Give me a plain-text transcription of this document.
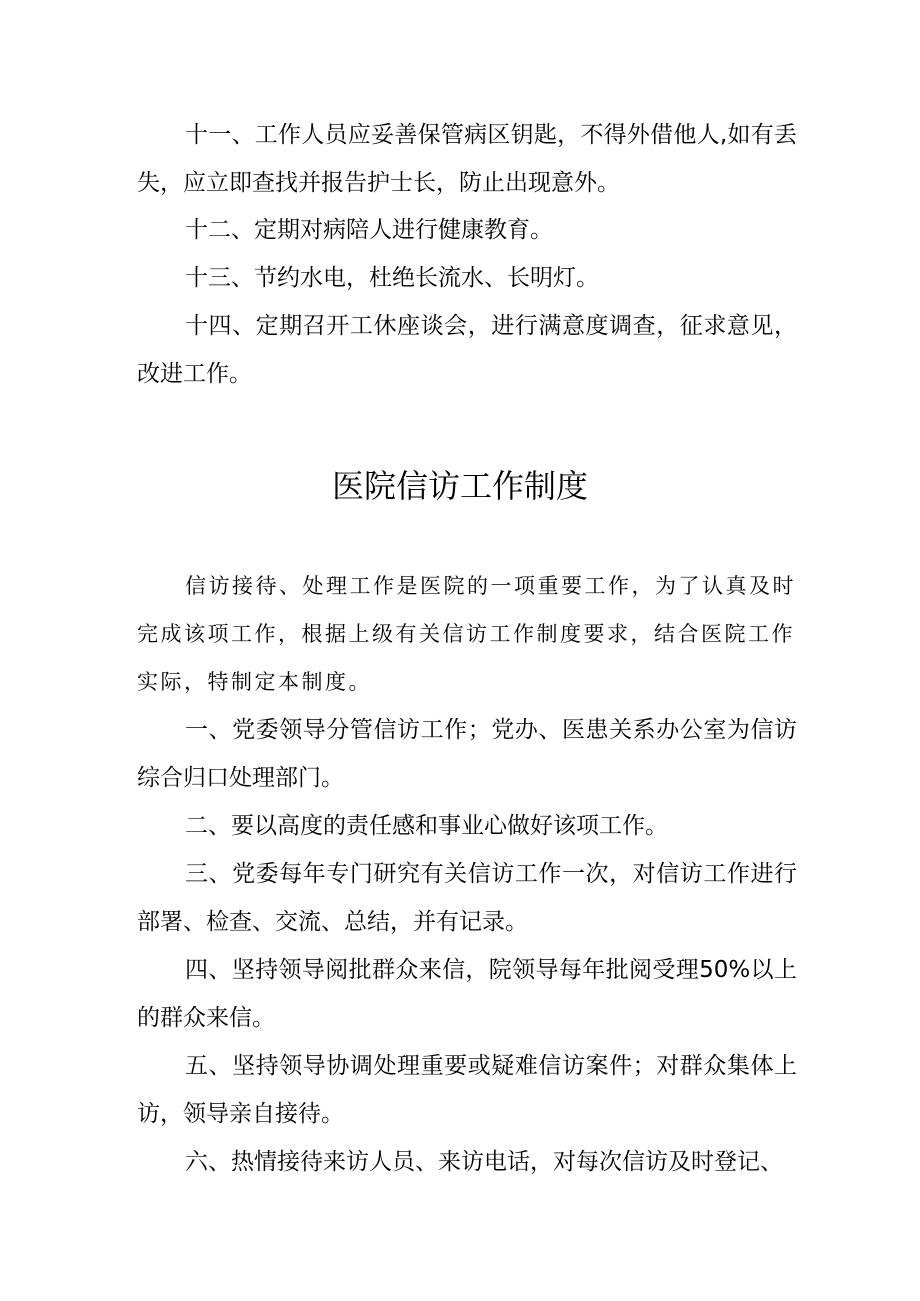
十一、工作人员应妥善保管病区钥匙，不得外借他人,如有丢失，应立即查找并报告护士长，防止出现意外。

十二、定期对病陪人进行健康教育。

十三、节约水电，杜绝长流水、长明灯。

十四、定期召开工休座谈会，进行满意度调查，征求意见，改进工作。

医院信访工作制度

信访接待、处理工作是医院的一项重要工作，为了认真及时完成该项工作，根据上级有关信访工作制度要求，结合医院工作实际，特制定本制度。

一、党委领导分管信访工作；党办、医患关系办公室为信访综合归口处理部门。

二、要以高度的责任感和事业心做好该项工作。

三、党委每年专门研究有关信访工作一次，对信访工作进行部署、检查、交流、总结，并有记录。

四、坚持领导阅批群众来信，院领导每年批阅受理50%以上的群众来信。

五、坚持领导协调处理重要或疑难信访案件；对群众集体上访，领导亲自接待。

六、热情接待来访人员、来访电话，对每次信访及时登记、
